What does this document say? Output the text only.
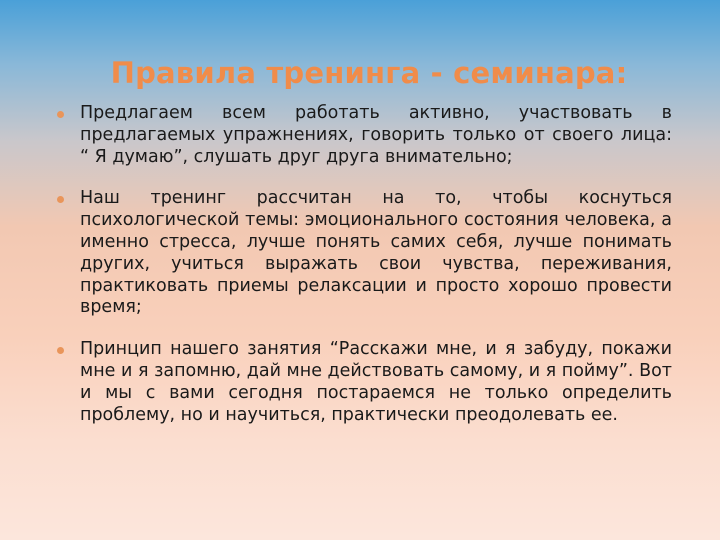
Правила тренинга - семинара:
Предлагаем всем работать активно, участвовать в предлагаемых упражнениях, говорить только от своего лица: “ Я думаю”, слушать друг друга внимательно;
Наш тренинг рассчитан на то, чтобы коснуться психологической темы: эмоционального состояния человека, а именно стресса, лучше понять самих себя, лучше понимать других, учиться выражать свои чувства, переживания, практиковать приемы релаксации и просто хорошо провести время;
Принцип нашего занятия “Расскажи мне, и я забуду, покажи мне и я запомню, дай мне действовать самому, и я пойму”. Вот и мы с вами сегодня постараемся не только определить проблему, но и научиться, практически преодолевать ее.
